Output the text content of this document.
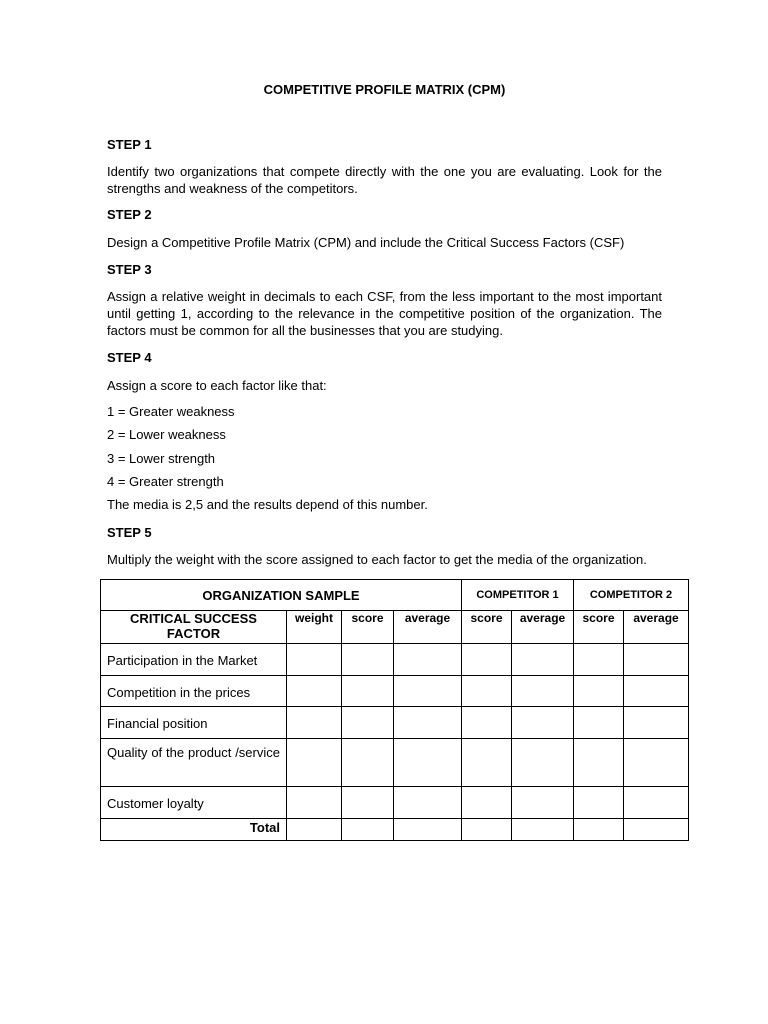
COMPETITIVE PROFILE MATRIX (CPM)
STEP 1
Identify two organizations that compete directly with the one you are evaluating. Look for the strengths and weakness of the competitors.
STEP 2
Design a Competitive Profile Matrix (CPM) and include the Critical Success Factors (CSF)
STEP 3
Assign a relative weight in decimals to each CSF, from the less important to the most important until getting 1, according to the relevance in the competitive position of the organization. The factors must be common for all the businesses that you are studying.
STEP 4
Assign a score to each factor like that:
1 = Greater weakness
2 = Lower weakness
3 = Lower strength
4 = Greater strength
The media is 2,5 and the results depend of this number.
STEP 5
Multiply the weight with the score assigned to each factor to get the media of the organization.
ORGANIZATION SAMPLE				COMPETITOR 1		COMPETITOR 2	
CRITICAL SUCCESS FACTOR	weight	score	average	score	average	score	average
Participation in the Market							
Competition in the prices							
Financial position							
Quality of the product /service							
Customer loyalty							
Total							
